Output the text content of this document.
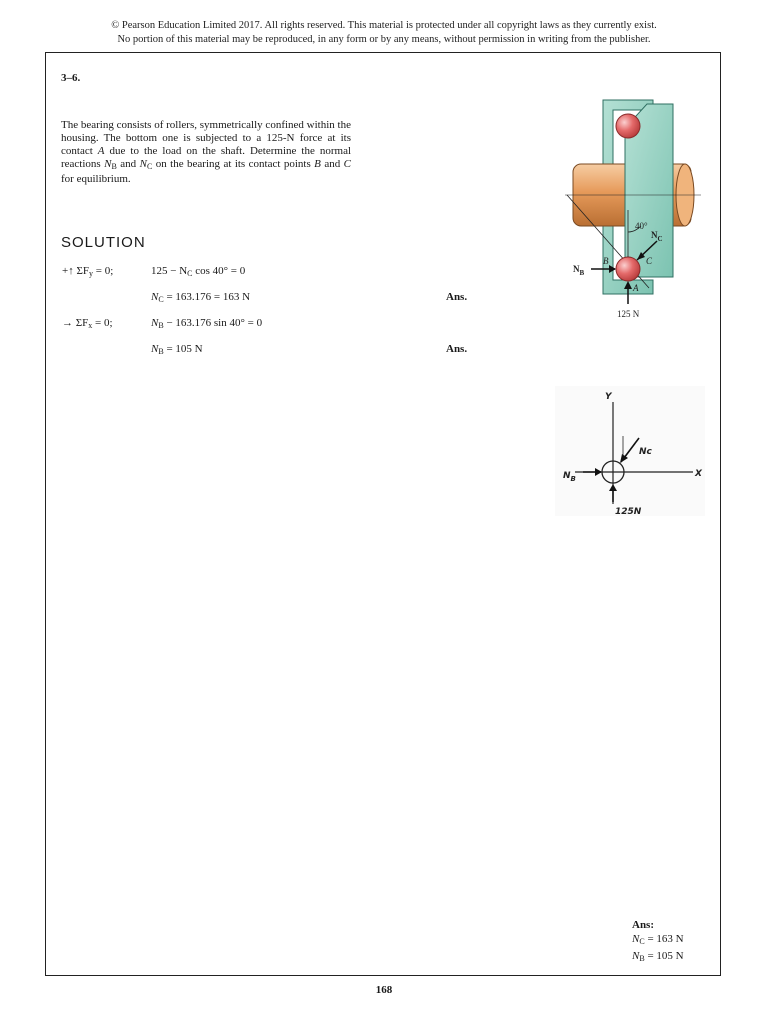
© Pearson Education Limited 2017. All rights reserved. This material is protected under all copyright laws as they currently exist.
No portion of this material may be reproduced, in any form or by any means, without permission in writing from the publisher.
3–6.
The bearing consists of rollers, symmetrically confined within the housing. The bottom one is subjected to a 125-N force at its contact A due to the load on the shaft. Determine the normal reactions $N_B$ and $N_C$ on the bearing at its contact points B and C for equilibrium.
SOLUTION
+↑ $\Sigma F_y = 0$;	$125 - N_C$ cos 40° = 0
$N_C = 163.176 = 163$ N	Ans.
→ $\Sigma F_x = 0$;	$N_B - 163.176$ sin 40° = 0
$N_B = 105$ N	Ans.
40°
$N_C$
$N_B$
B	C
A
125 N
Y
X
$N_B$
Nc
125N
Ans:
$N_C = 163$ N
$N_B = 105$ N
168
